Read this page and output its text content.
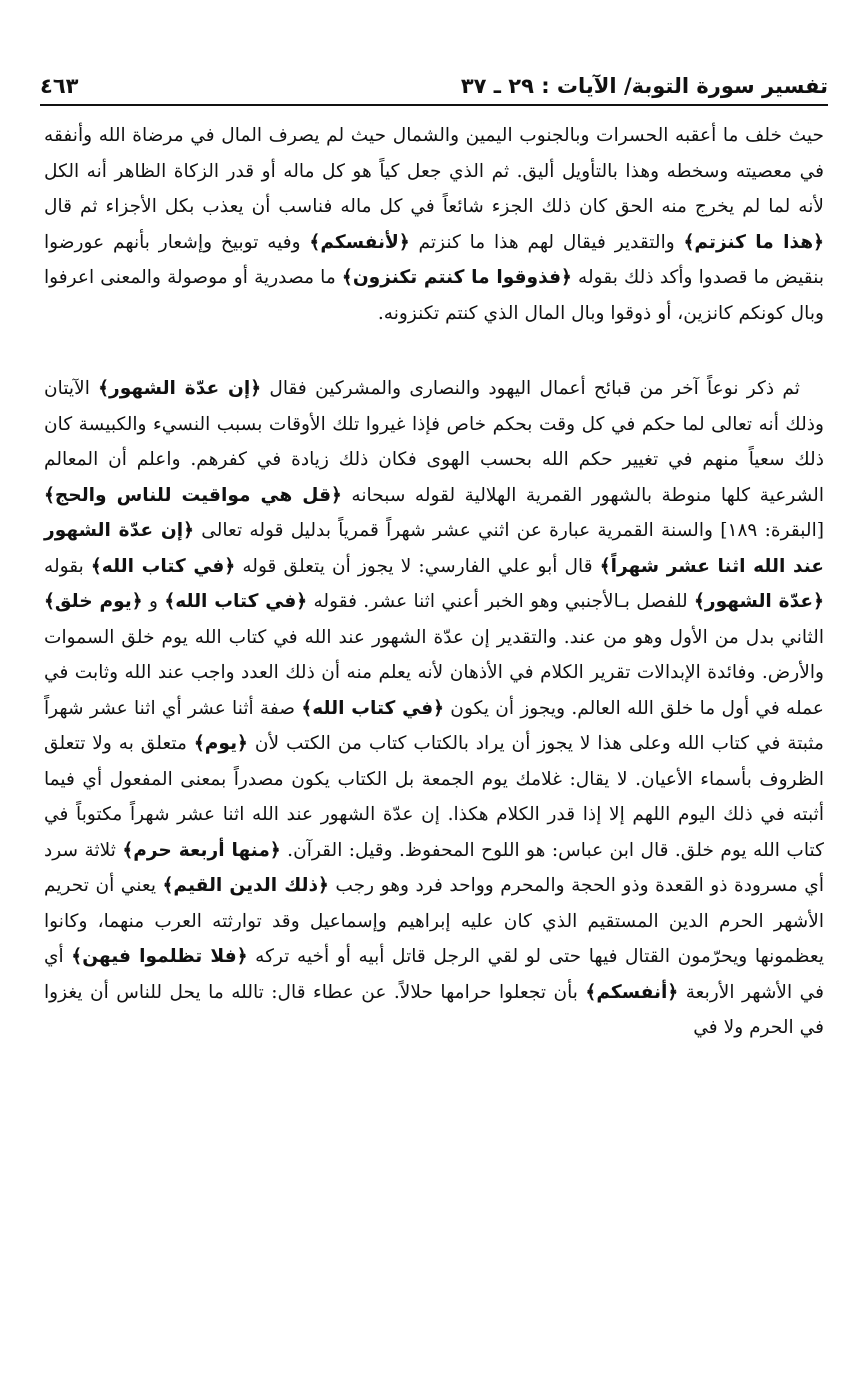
تفسير سورة التوبة/ الآيات : ٢٩ ـ ٣٧
٤٦٣

حيث خلف ما أعقبه الحسرات وبالجنوب اليمين والشمال حيث لم يصرف المال في مرضاة الله وأنفقه في معصيته وسخطه وهذا بالتأويل أليق. ثم الذي جعل كياً هو كل ماله أو قدر الزكاة الظاهر أنه الكل لأنه لما لم يخرج منه الحق كان ذلك الجزء شائعاً في كل ماله فناسب أن يعذب بكل الأجزاء ثم قال ﴿هذا ما كنزتم﴾ والتقدير فيقال لهم هذا ما كنزتم ﴿لأنفسكم﴾ وفيه توبيخ وإشعار بأنهم عورضوا بنقيض ما قصدوا وأكد ذلك بقوله ﴿فذوقوا ما كنتم تكنزون﴾ ما مصدرية أو موصولة والمعنى اعرفوا وبال كونكم كانزين، أو ذوقوا وبال المال الذي كنتم تكنزونه.

ثم ذكر نوعاً آخر من قبائح أعمال اليهود والنصارى والمشركين فقال ﴿إن عدّة الشهور﴾ الآيتان وذلك أنه تعالى لما حكم في كل وقت بحكم خاص فإذا غيروا تلك الأوقات بسبب النسيء والكبيسة كان ذلك سعياً منهم في تغيير حكم الله بحسب الهوى فكان ذلك زيادة في كفرهم. واعلم أن المعالم الشرعية كلها منوطة بالشهور القمرية الهلالية لقوله سبحانه ﴿قل هي مواقيت للناس والحج﴾ [البقرة: ١٨٩] والسنة القمرية عبارة عن اثني عشر شهراً قمرياً بدليل قوله تعالى ﴿إن عدّة الشهور عند الله اثنا عشر شهراً﴾ قال أبو علي الفارسي: لا يجوز أن يتعلق قوله ﴿في كتاب الله﴾ بقوله ﴿عدّة الشهور﴾ للفصل بـالأجنبي وهو الخبر أعني اثنا عشر. فقوله ﴿في كتاب الله﴾ و ﴿يوم خلق﴾ الثاني بدل من الأول وهو من عند. والتقدير إن عدّة الشهور عند الله في كتاب الله يوم خلق السموات والأرض. وفائدة الإبدالات تقرير الكلام في الأذهان لأنه يعلم منه أن ذلك العدد واجب عند الله وثابت في عمله في أول ما خلق الله العالم. ويجوز أن يكون ﴿في كتاب الله﴾ صفة أثنا عشر أي اثنا عشر شهراً مثبتة في كتاب الله وعلى هذا لا يجوز أن يراد بالكتاب كتاب من الكتب لأن ﴿يوم﴾ متعلق به ولا تتعلق الظروف بأسماء الأعيان. لا يقال: غلامك يوم الجمعة بل الكتاب يكون مصدراً بمعنى المفعول أي فيما أثبته في ذلك اليوم اللهم إلا إذا قدر الكلام هكذا. إن عدّة الشهور عند الله اثنا عشر شهراً مكتوباً في كتاب الله يوم خلق. قال ابن عباس: هو اللوح المحفوظ. وقيل: القرآن. ﴿منها أربعة حرم﴾ ثلاثة سرد أي مسرودة ذو القعدة وذو الحجة والمحرم وواحد فرد وهو رجب ﴿ذلك الدين القيم﴾ يعني أن تحريم الأشهر الحرم الدين المستقيم الذي كان عليه إبراهيم وإسماعيل وقد توارثته العرب منهما، وكانوا يعظمونها ويحرّمون القتال فيها حتى لو لقي الرجل قاتل أبيه أو أخيه تركه ﴿فلا تظلموا فيهن﴾ أي في الأشهر الأربعة ﴿أنفسكم﴾ بأن تجعلوا حرامها حلالاً. عن عطاء قال: تالله ما يحل للناس أن يغزوا في الحرم ولا في
